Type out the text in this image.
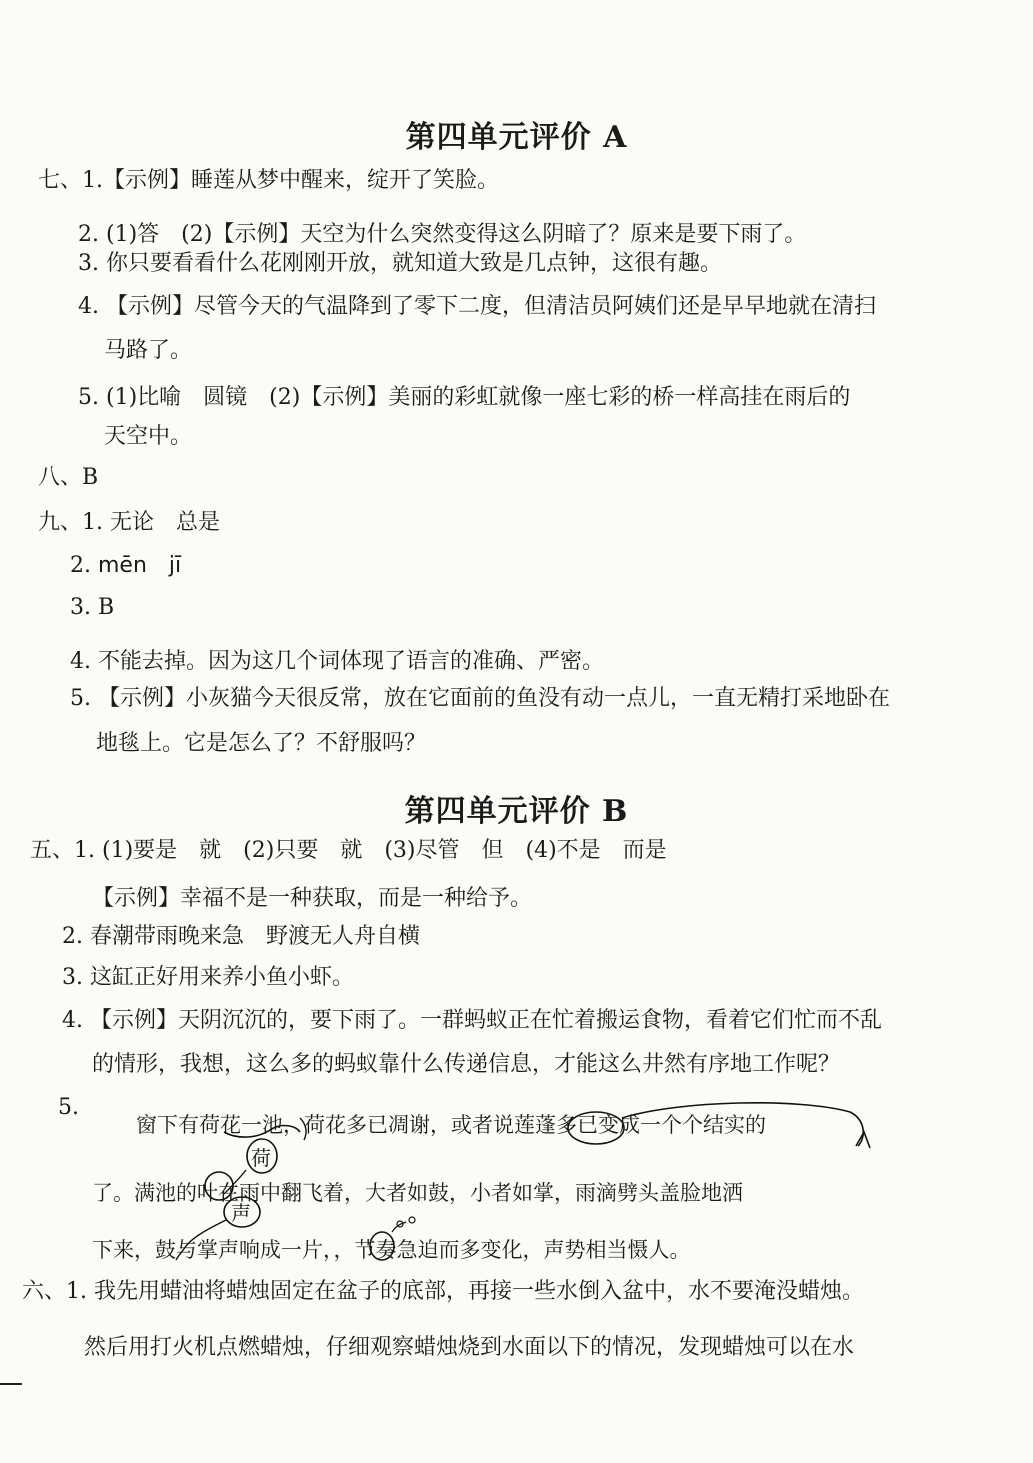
第四单元评价 A
七、1.【示例】睡莲从梦中醒来，绽开了笑脸。
2. (1)答　(2)【示例】天空为什么突然变得这么阴暗了？原来是要下雨了。
3. 你只要看看什么花刚刚开放，就知道大致是几点钟，这很有趣。
4. 【示例】尽管今天的气温降到了零下二度，但清洁员阿姨们还是早早地就在清扫
马路了。
5. (1)比喻　圆镜　(2)【示例】美丽的彩虹就像一座七彩的桥一样高挂在雨后的
天空中。
八、B
九、1. 无论　总是
2. mēn　jī
3. B
4. 不能去掉。因为这几个词体现了语言的准确、严密。
5. 【示例】小灰猫今天很反常，放在它面前的鱼没有动一点儿，一直无精打采地卧在
地毯上。它是怎么了？不舒服吗？
第四单元评价 B
五、1. (1)要是　就　(2)只要　就　(3)尽管　但　(4)不是　而是
【示例】幸福不是一种获取，而是一种给予。
2. 春潮带雨晚来急　野渡无人舟自横
3. 这缸正好用来养小鱼小虾。
4. 【示例】天阴沉沉的，要下雨了。一群蚂蚁正在忙着搬运食物，看着它们忙而不乱
的情形，我想，这么多的蚂蚁靠什么传递信息，才能这么井然有序地工作呢？
5.
窗下有荷花一池，荷花多已凋谢，或者说莲蓬多已变成一个个结实的
了。满池的叶在雨中翻飞着，大者如鼓，小者如掌，雨滴劈头盖脸地洒
下来，鼓与掌声响成一片，，节奏急迫而多变化，声势相当慑人。
荷
声
六、1. 我先用蜡油将蜡烛固定在盆子的底部，再接一些水倒入盆中，水不要淹没蜡烛。
然后用打火机点燃蜡烛，仔细观察蜡烛烧到水面以下的情况，发现蜡烛可以在水
